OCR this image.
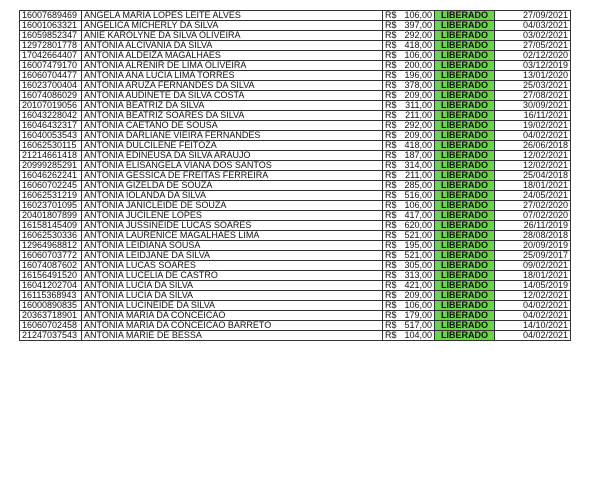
16007689469	ANGELA MARIA LOPES LEITE ALVES	R$ 106,00	LIBERADO	27/09/2021
16001063321	ANGELICA MICHERLY DA SILVA	R$ 397,00	LIBERADO	04/03/2021
16059852347	ANIE KAROLYNE DA SILVA OLIVEIRA	R$ 292,00	LIBERADO	03/02/2021
12972801778	ANTONIA ALCIVANIA DA SILVA	R$ 418,00	LIBERADO	27/05/2021
17042664407	ANTONIA ALDEIZA MAGALHAES	R$ 106,00	LIBERADO	02/12/2020
16007479170	ANTONIA ALRENIR DE LIMA OLIVEIRA	R$ 200,00	LIBERADO	03/12/2019
16060704477	ANTONIA ANA LUCIA LIMA TORRES	R$ 196,00	LIBERADO	13/01/2020
16023700404	ANTONIA ARUZA FERNANDES DA SILVA	R$ 378,00	LIBERADO	25/03/2021
16074086029	ANTONIA AUDINETE DA SILVA COSTA	R$ 209,00	LIBERADO	27/08/2021
20107019056	ANTONIA BEATRIZ DA SILVA	R$ 311,00	LIBERADO	30/09/2021
16043228042	ANTONIA BEATRIZ SOARES DA SILVA	R$ 211,00	LIBERADO	16/11/2021
16046432317	ANTONIA CAETANO DE SOUSA	R$ 292,00	LIBERADO	19/02/2021
16040053543	ANTONIA DARLIANE VIEIRA FERNANDES	R$ 209,00	LIBERADO	04/02/2021
16062530115	ANTONIA DULCILENE FEITOZA	R$ 418,00	LIBERADO	26/06/2018
21214661418	ANTONIA EDINEUSA DA SILVA ARAUJO	R$ 187,00	LIBERADO	12/02/2021
20999285291	ANTONIA ELISANGELA VIANA DOS SANTOS	R$ 314,00	LIBERADO	12/02/2021
16046262241	ANTONIA GESSICA DE FREITAS FERREIRA	R$ 211,00	LIBERADO	25/04/2018
16060702245	ANTONIA GIZELDA DE SOUZA	R$ 285,00	LIBERADO	18/01/2021
16062531219	ANTONIA IOLANDA DA SILVA	R$ 516,00	LIBERADO	24/05/2021
16023701095	ANTONIA JANICLEIDE DE SOUZA	R$ 106,00	LIBERADO	27/02/2020
20401807899	ANTONIA JUCILENE LOPES	R$ 417,00	LIBERADO	07/02/2020
16158145409	ANTONIA JUSSINEIDE LUCAS SOARES	R$ 620,00	LIBERADO	26/11/2019
16062530336	ANTONIA LAURENICE MAGALHAES LIMA	R$ 521,00	LIBERADO	28/08/2018
12964968812	ANTONIA LEIDIANA SOUSA	R$ 195,00	LIBERADO	20/09/2019
16060703772	ANTONIA LEIDJANE DA SILVA	R$ 521,00	LIBERADO	25/09/2017
16074087602	ANTONIA LUCAS SOARES	R$ 305,00	LIBERADO	09/02/2021
16156491520	ANTONIA LUCELIA DE CASTRO	R$ 313,00	LIBERADO	18/01/2021
16041202704	ANTONIA LUCIA DA SILVA	R$ 421,00	LIBERADO	14/05/2019
16115368943	ANTONIA LUCIA DA SILVA	R$ 209,00	LIBERADO	12/02/2021
16000890835	ANTONIA LUCINEIDE DA SILVA	R$ 106,00	LIBERADO	04/02/2021
20363718901	ANTONIA MARIA DA CONCEICAO	R$ 179,00	LIBERADO	04/02/2021
16060702458	ANTONIA MARIA DA CONCEICAO BARRETO	R$ 517,00	LIBERADO	14/10/2021
21247037543	ANTONIA MARIE DE BESSA	R$ 104,00	LIBERADO	04/02/2021
